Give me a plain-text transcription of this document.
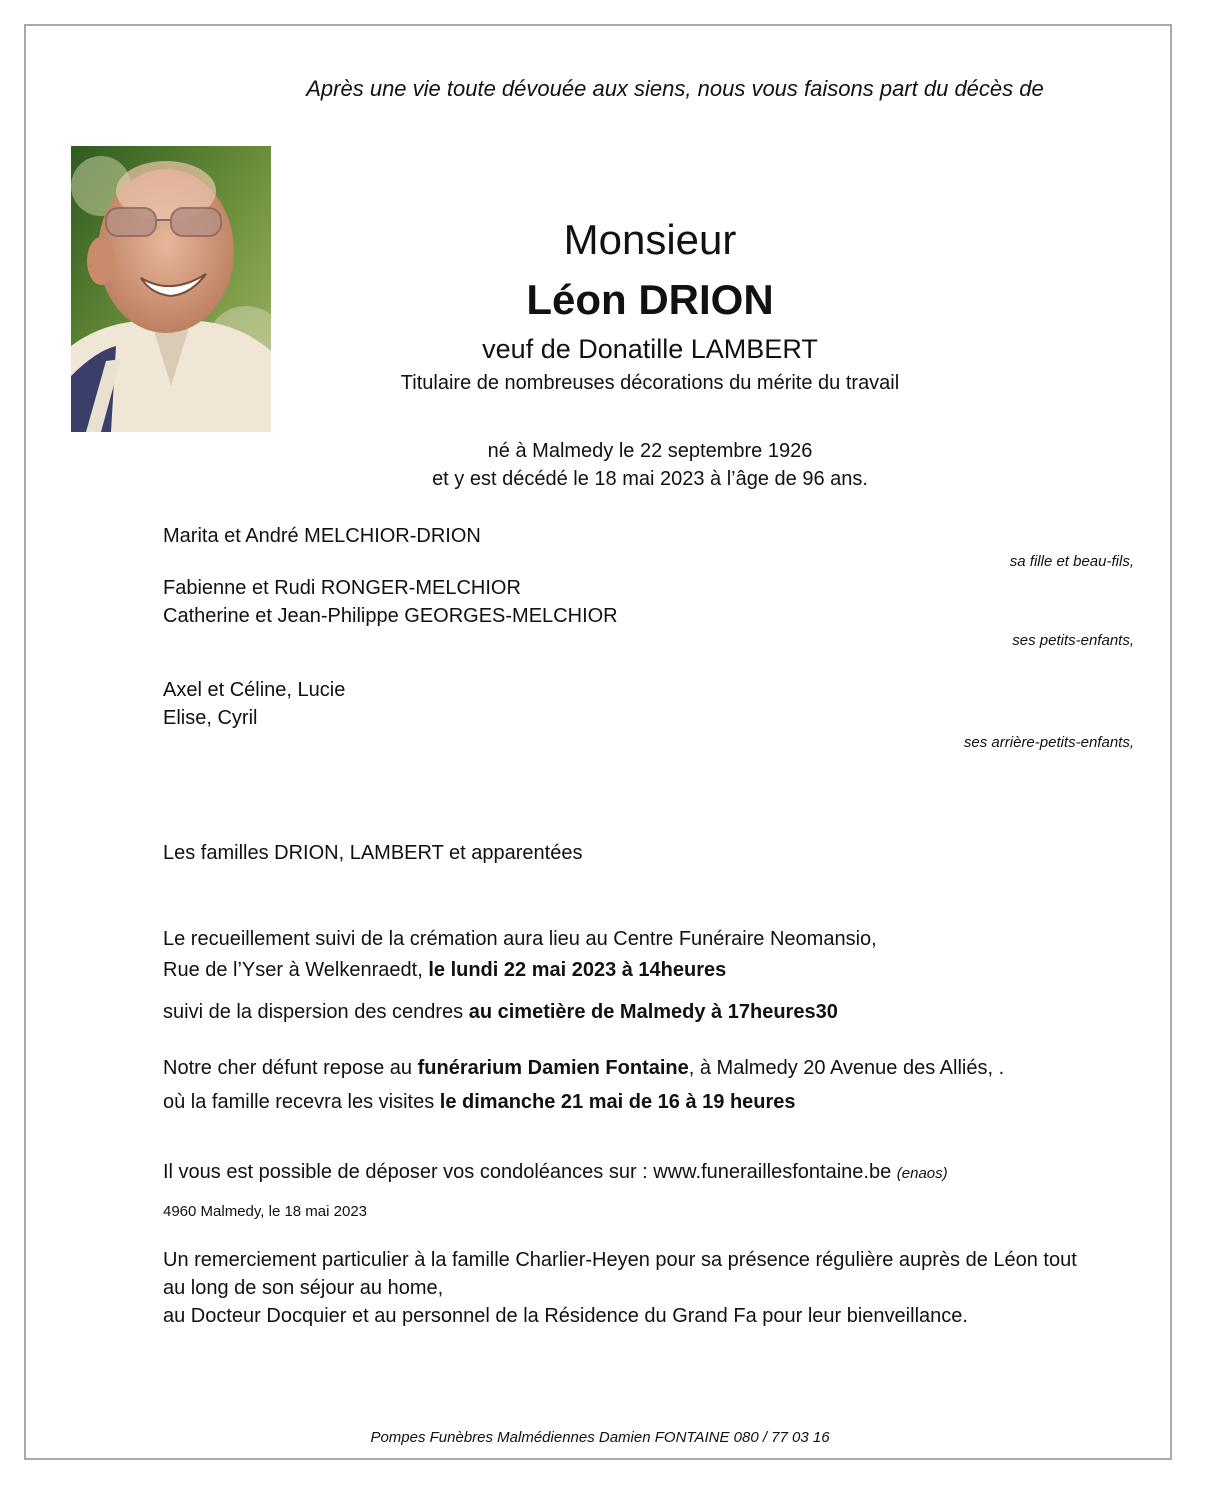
Après une vie toute dévouée aux siens, nous vous faisons part du décès de
Monsieur
Léon DRION
veuf de Donatille LAMBERT
Titulaire de nombreuses décorations du mérite du travail
né à Malmedy le 22 septembre 1926
et y est décédé le 18 mai 2023 à l’âge de 96 ans.
Marita et André MELCHIOR-DRION
sa fille et beau-fils,
Fabienne et Rudi RONGER-MELCHIOR
Catherine et Jean-Philippe GEORGES-MELCHIOR
ses petits-enfants,
Axel et Céline, Lucie
Elise, Cyril
ses arrière-petits-enfants,
Les familles DRION, LAMBERT et apparentées
Le recueillement suivi de la crémation aura lieu au Centre Funéraire Neomansio,
Rue de l’Yser à Welkenraedt, le lundi 22 mai 2023 à 14heures
suivi de la dispersion des cendres au cimetière de Malmedy à 17heures30
Notre cher défunt repose au funérarium Damien Fontaine, à Malmedy 20 Avenue des Alliés, .
où la famille recevra les visites le dimanche 21 mai de 16 à 19 heures
Il vous est possible de déposer vos condoléances sur : www.funeraillesfontaine.be (enaos)
4960 Malmedy, le 18 mai 2023
Un remerciement particulier à la famille Charlier-Heyen pour sa présence régulière auprès de Léon tout
au long de son séjour au home,
au Docteur Docquier et au personnel de la Résidence du Grand Fa pour leur bienveillance.
Pompes Funèbres Malmédiennes Damien FONTAINE 080 / 77 03 16
